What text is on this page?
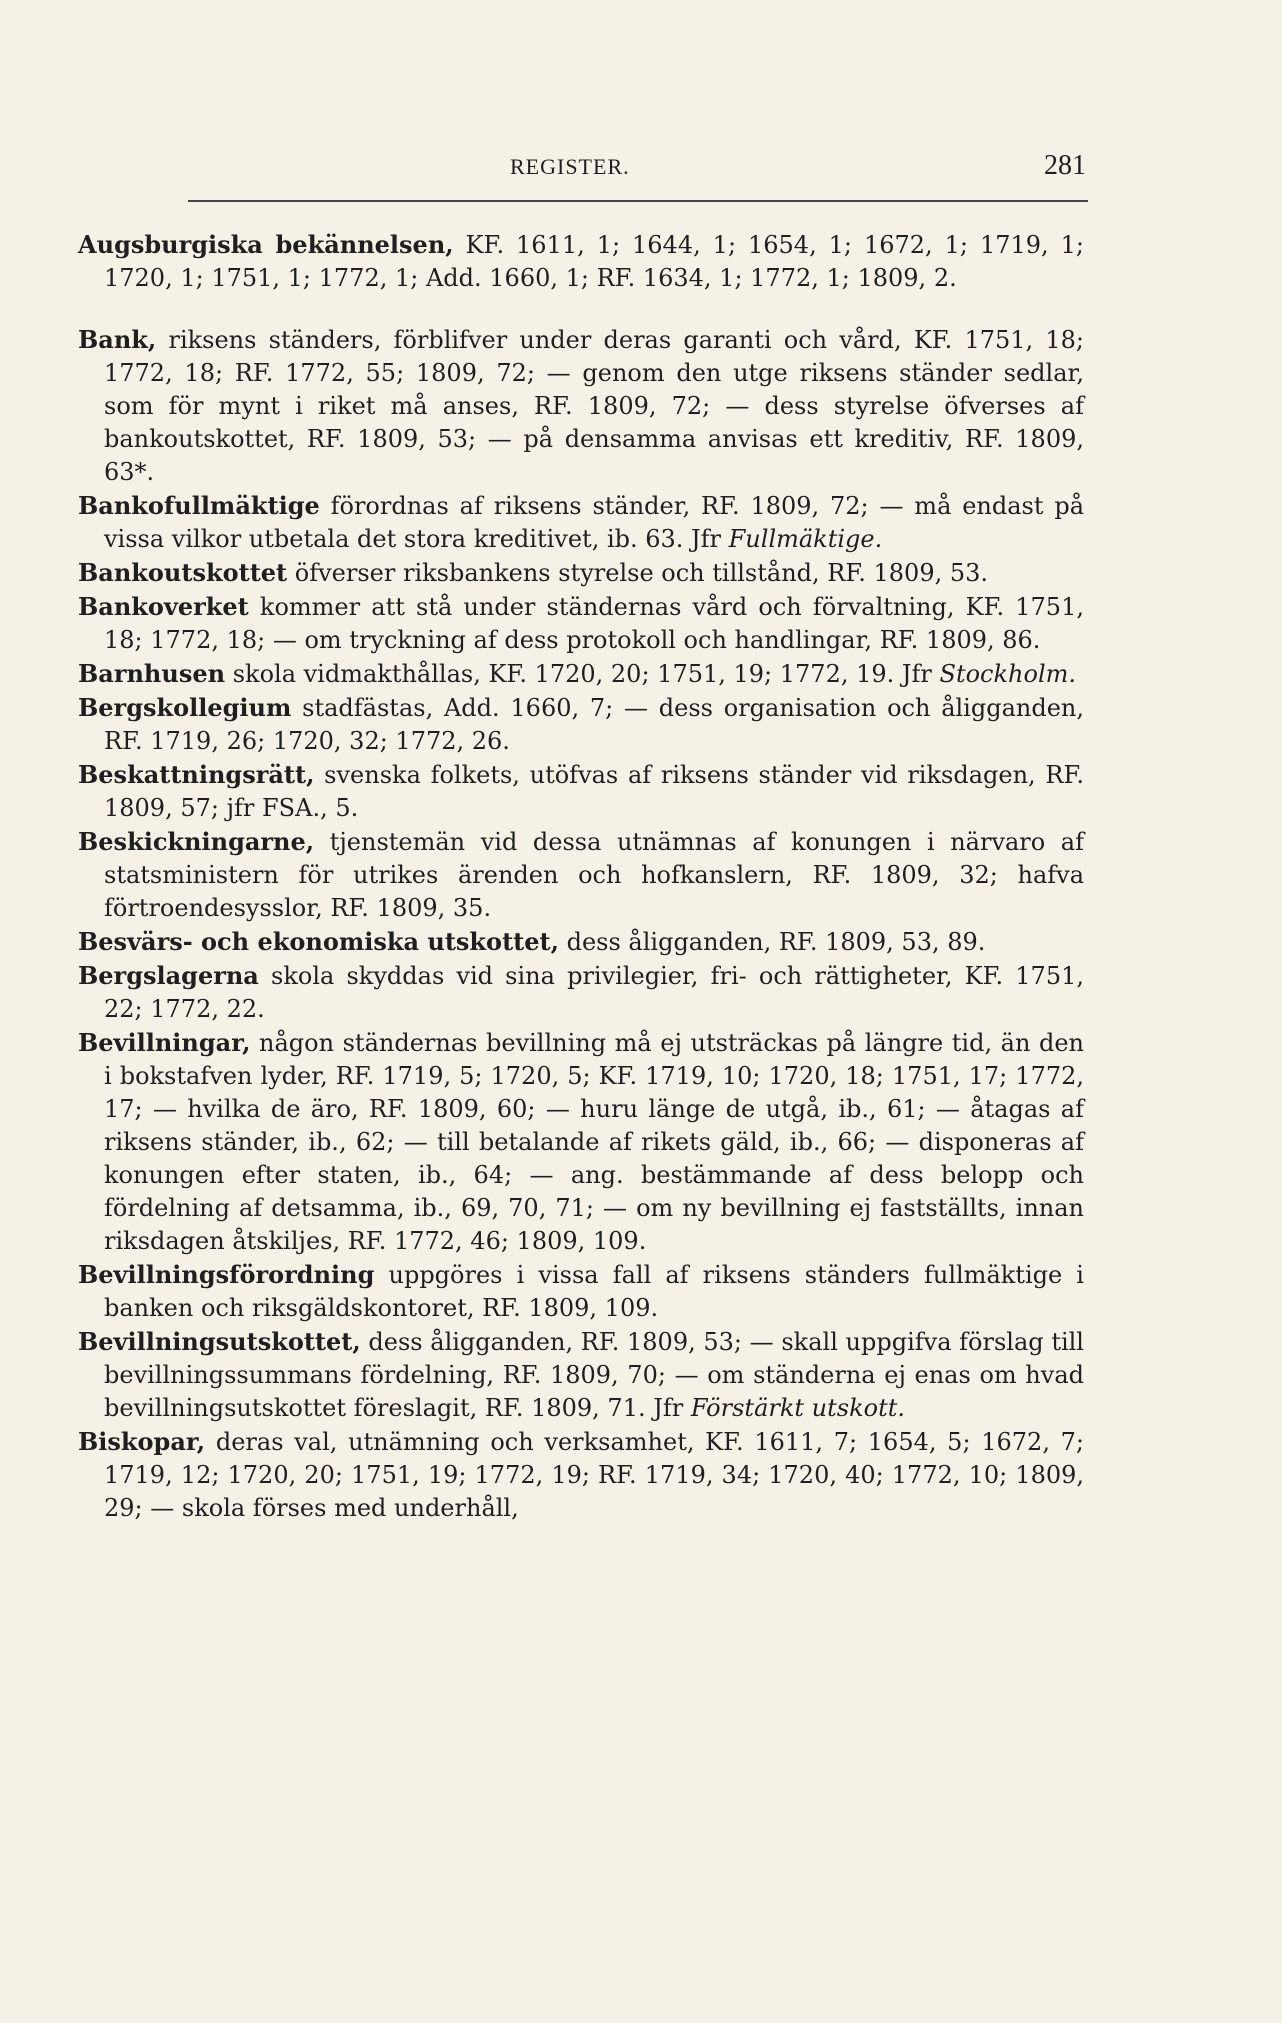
REGISTER.	281

Augsburgiska bekännelsen, KF. 1611, 1; 1644, 1; 1654, 1; 1672, 1; 1719, 1; 1720, 1; 1751, 1; 1772, 1; Add. 1660, 1; RF. 1634, 1; 1772, 1; 1809, 2.

Bank, riksens ständers, förblifver under deras garanti och vård, KF. 1751, 18; 1772, 18; RF. 1772, 55; 1809, 72; — genom den utge riksens ständer sedlar, som för mynt i riket må anses, RF. 1809, 72; — dess styrelse öfverses af bankoutskottet, RF. 1809, 53; — på densamma anvisas ett kreditiv, RF. 1809, 63*.

Bankofullmäktige förordnas af riksens ständer, RF. 1809, 72; — må endast på vissa vilkor utbetala det stora kreditivet, ib. 63. Jfr Fullmäktige.

Bankoutskottet öfverser riksbankens styrelse och tillstånd, RF. 1809, 53.

Bankoverket kommer att stå under ständernas vård och förvaltning, KF. 1751, 18; 1772, 18; — om tryckning af dess protokoll och handlingar, RF. 1809, 86.

Barnhusen skola vidmakthållas, KF. 1720, 20; 1751, 19; 1772, 19. Jfr Stockholm.

Bergskollegium stadfästas, Add. 1660, 7; — dess organisation och åligganden, RF. 1719, 26; 1720, 32; 1772, 26.

Beskattningsrätt, svenska folkets, utöfvas af riksens ständer vid riksdagen, RF. 1809, 57; jfr FSA., 5.

Beskickningarne, tjenstemän vid dessa utnämnas af konungen i närvaro af statsministern för utrikes ärenden och hofkanslern, RF. 1809, 32; hafva förtroendesysslor, RF. 1809, 35.

Besvärs- och ekonomiska utskottet, dess åligganden, RF. 1809, 53, 89.

Bergslagerna skola skyddas vid sina privilegier, fri- och rättigheter, KF. 1751, 22; 1772, 22.

Bevillningar, någon ständernas bevillning må ej utsträckas på längre tid, än den i bokstafven lyder, RF. 1719, 5; 1720, 5; KF. 1719, 10; 1720, 18; 1751, 17; 1772, 17; — hvilka de äro, RF. 1809, 60; — huru länge de utgå, ib., 61; — åtagas af riksens ständer, ib., 62; — till betalande af rikets gäld, ib., 66; — disponeras af konungen efter staten, ib., 64; — ang. bestämmande af dess belopp och fördelning af detsamma, ib., 69, 70, 71; — om ny bevillning ej fastställts, innan riksdagen åtskiljes, RF. 1772, 46; 1809, 109.

Bevillningsförordning uppgöres i vissa fall af riksens ständers fullmäktige i banken och riksgäldskontoret, RF. 1809, 109.

Bevillningsutskottet, dess åligganden, RF. 1809, 53; — skall uppgifva förslag till bevillningssummans fördelning, RF. 1809, 70; — om ständerna ej enas om hvad bevillningsutskottet föreslagit, RF. 1809, 71. Jfr Förstärkt utskott.

Biskopar, deras val, utnämning och verksamhet, KF. 1611, 7; 1654, 5; 1672, 7; 1719, 12; 1720, 20; 1751, 19; 1772, 19; RF. 1719, 34; 1720, 40; 1772, 10; 1809, 29; — skola förses med underhåll,
